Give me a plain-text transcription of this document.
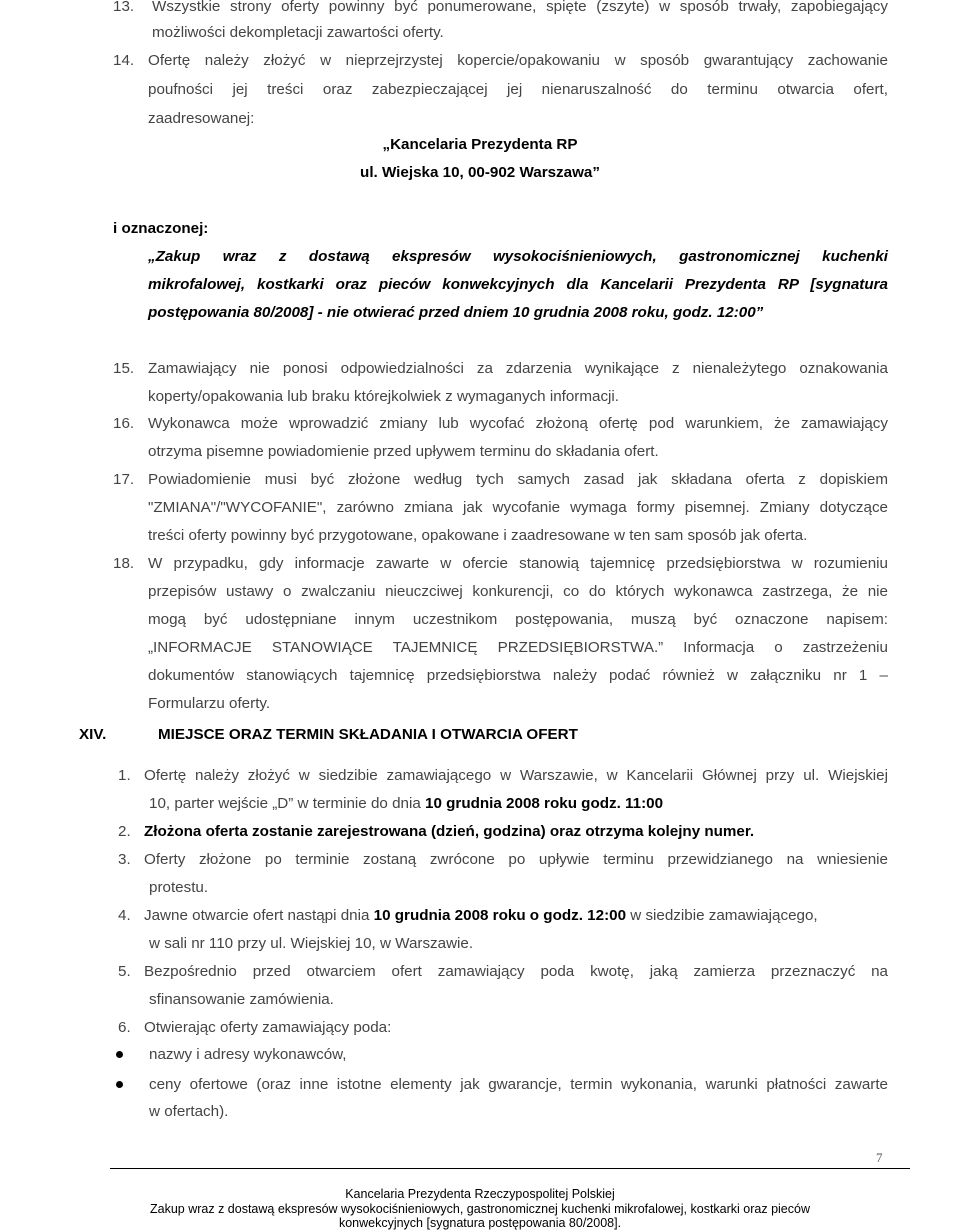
13. Wszystkie strony oferty powinny być ponumerowane, spięte (zszyte) w sposób trwały, zapobiegający
możliwości dekompletacji zawartości oferty.
14. Ofertę należy złożyć w nieprzejrzystej kopercie/opakowaniu w sposób gwarantujący zachowanie
poufności jej treści oraz zabezpieczającej jej nienaruszalność do terminu otwarcia ofert,
zaadresowanej:
„Kancelaria Prezydenta RP
ul. Wiejska 10, 00-902 Warszawa”
i oznaczonej:
„Zakup wraz z dostawą ekspresów wysokociśnieniowych, gastronomicznej kuchenki
mikrofalowej, kostkarki oraz pieców konwekcyjnych dla Kancelarii Prezydenta RP [sygnatura
postępowania 80/2008] - nie otwierać przed dniem 10 grudnia 2008 roku, godz. 12:00”
15. Zamawiający nie ponosi odpowiedzialności za zdarzenia wynikające z nienależytego oznakowania
koperty/opakowania lub braku którejkolwiek z wymaganych informacji.
16. Wykonawca może wprowadzić zmiany lub wycofać złożoną ofertę pod warunkiem, że zamawiający
otrzyma pisemne powiadomienie przed upływem terminu do składania ofert.
17. Powiadomienie musi być złożone według tych samych zasad jak składana oferta z dopiskiem
"ZMIANA"/"WYCOFANIE", zarówno zmiana jak wycofanie wymaga formy pisemnej. Zmiany dotyczące
treści oferty powinny być przygotowane, opakowane i zaadresowane w ten sam sposób jak oferta.
18. W przypadku, gdy informacje zawarte w ofercie stanowią tajemnicę przedsiębiorstwa w rozumieniu
przepisów ustawy o zwalczaniu nieuczciwej konkurencji, co do których wykonawca zastrzega, że nie
mogą być udostępniane innym uczestnikom postępowania, muszą być oznaczone napisem:
„INFORMACJE STANOWIĄCE TAJEMNICĘ PRZEDSIĘBIORSTWA.” Informacja o zastrzeżeniu
dokumentów stanowiących tajemnicę przedsiębiorstwa należy podać również w załączniku nr 1 –
Formularzu oferty.
XIV.	MIEJSCE ORAZ TERMIN SKŁADANIA I OTWARCIA OFERT
1. Ofertę należy złożyć w siedzibie zamawiającego w Warszawie, w Kancelarii Głównej przy ul. Wiejskiej
10, parter wejście „D” w terminie do dnia 10 grudnia 2008 roku godz. 11:00
2. Złożona oferta zostanie zarejestrowana (dzień, godzina) oraz otrzyma kolejny numer.
3. Oferty złożone po terminie zostaną zwrócone po upływie terminu przewidzianego na wniesienie
protestu.
4. Jawne otwarcie ofert nastąpi dnia 10 grudnia 2008 roku o godz. 12:00 w siedzibie zamawiającego,
w sali nr 110 przy ul. Wiejskiej 10, w Warszawie.
5. Bezpośrednio przed otwarciem ofert zamawiający poda kwotę, jaką zamierza przeznaczyć na
sfinansowanie zamówienia.
6. Otwierając oferty zamawiający poda:
nazwy i adresy wykonawców,
ceny ofertowe (oraz inne istotne elementy jak gwarancje, termin wykonania, warunki płatności zawarte
w ofertach).
7
Kancelaria Prezydenta Rzeczypospolitej Polskiej
Zakup wraz z dostawą ekspresów wysokociśnieniowych, gastronomicznej kuchenki mikrofalowej, kostkarki oraz pieców
konwekcyjnych [sygnatura postępowania 80/2008].
